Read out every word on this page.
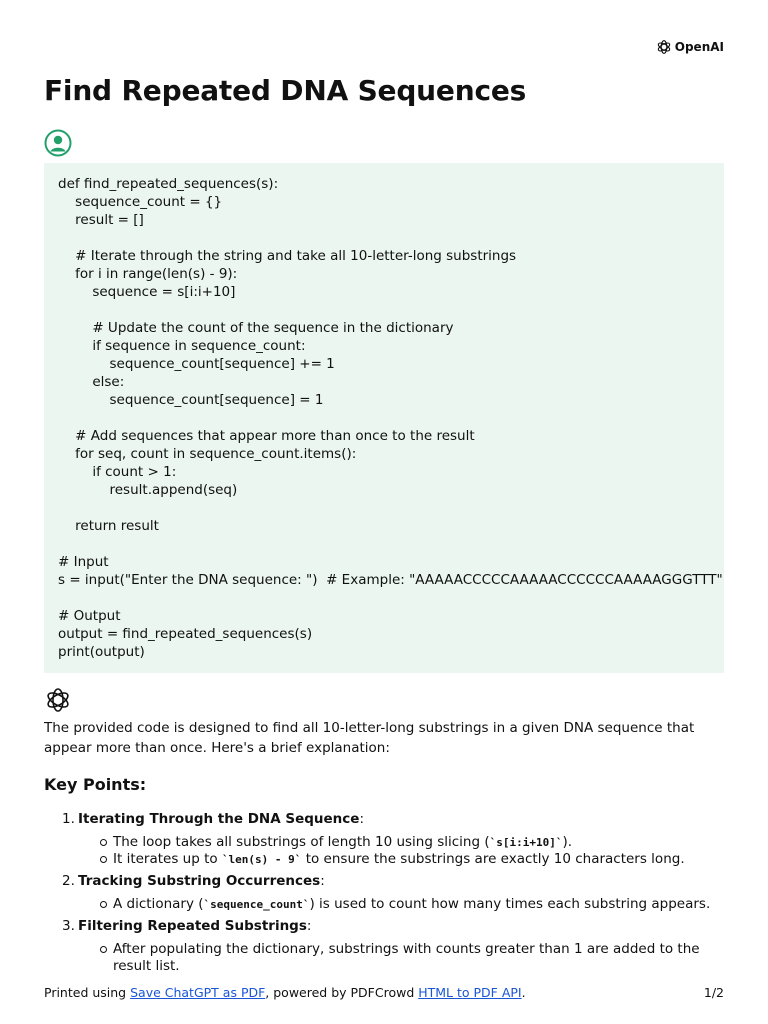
OpenAI
Find Repeated DNA Sequences
def find_repeated_sequences(s):
sequence_count = {}
result = []
# Iterate through the string and take all 10-letter-long substrings
for i in range(len(s) - 9):
sequence = s[i:i+10]
# Update the count of the sequence in the dictionary
if sequence in sequence_count:
sequence_count[sequence] += 1
else:
sequence_count[sequence] = 1
# Add sequences that appear more than once to the result
for seq, count in sequence_count.items():
if count > 1:
result.append(seq)
return result
# Input
s = input("Enter the DNA sequence: ")  # Example: "AAAAACCCCCAAAAACCCCCCAAAAAGGGTTT"
# Output
output = find_repeated_sequences(s)
print(output)

The provided code is designed to find all 10-letter-long substrings in a given DNA sequence that appear more than once. Here's a brief explanation:

Key Points:
1. Iterating Through the DNA Sequence:
The loop takes all substrings of length 10 using slicing (`s[i:i+10]`).
It iterates up to `len(s) - 9` to ensure the substrings are exactly 10 characters long.
2. Tracking Substring Occurrences:
A dictionary (`sequence_count`) is used to count how many times each substring appears.
3. Filtering Repeated Substrings:
After populating the dictionary, substrings with counts greater than 1 are added to the result list.
Printed using Save ChatGPT as PDF, powered by PDFCrowd HTML to PDF API.	1/2
